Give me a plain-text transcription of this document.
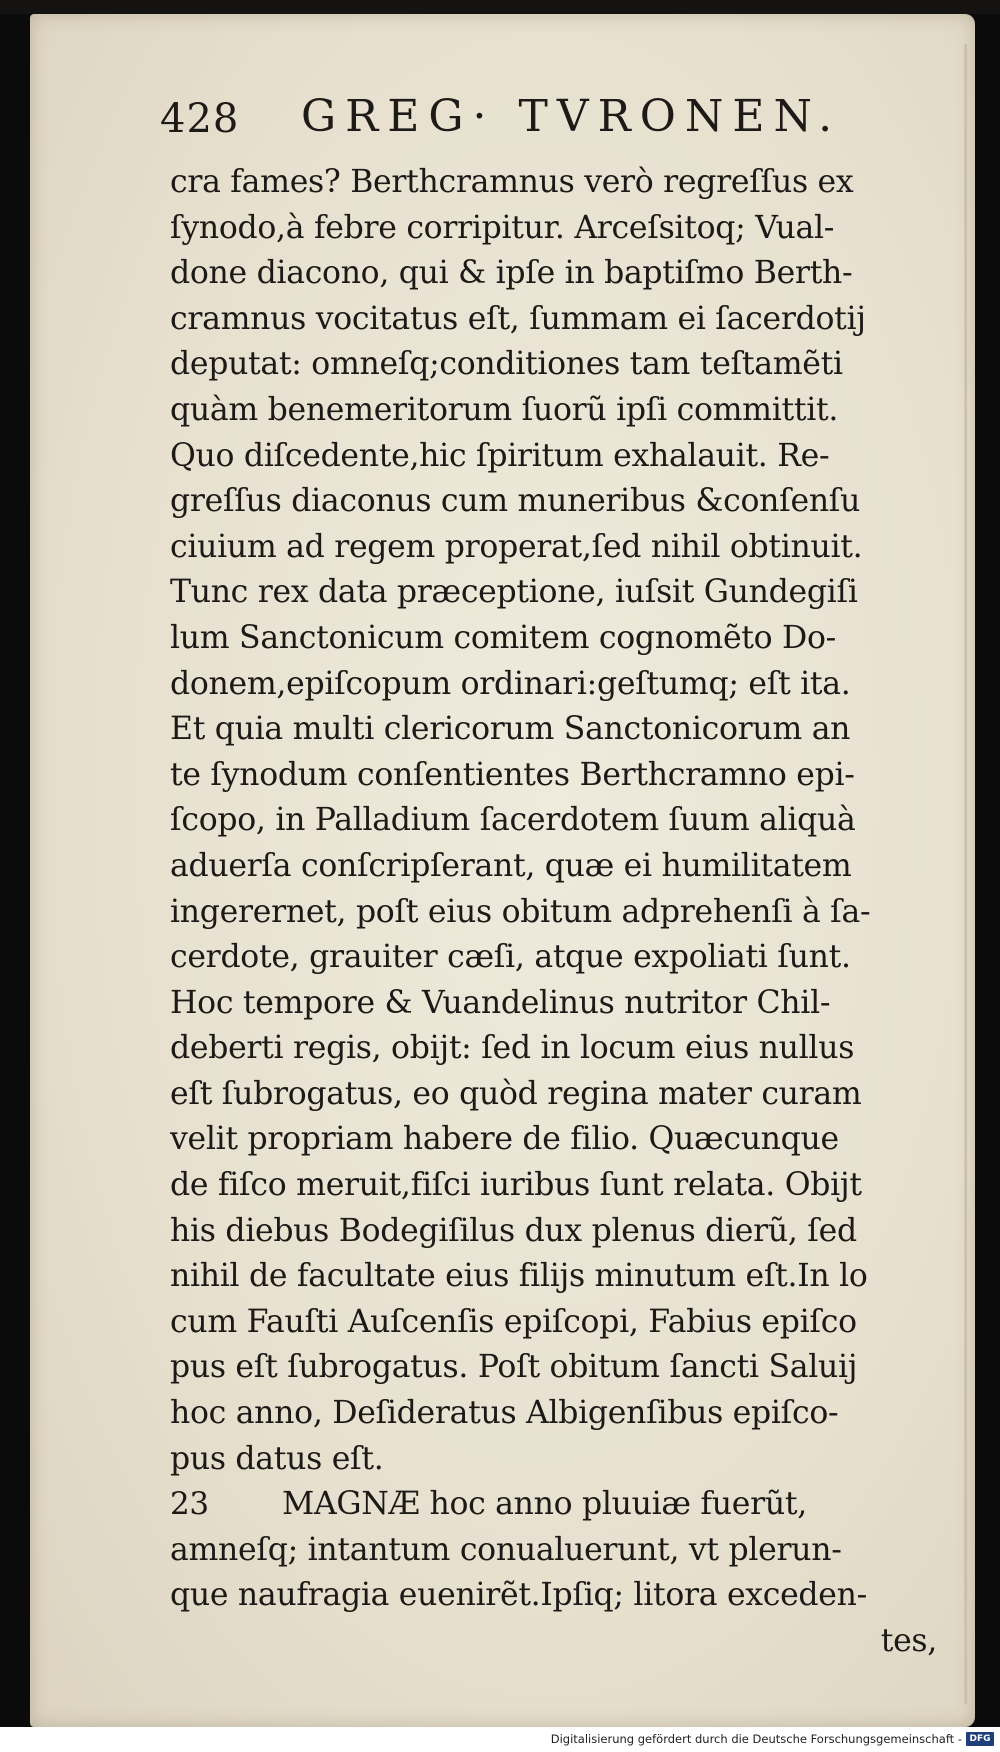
428 GREG· TVRONEN.
cra fames? Berthcramnus verò regreſſus ex
ſynodo,à febre corripitur. Arceſsitoq; Vual-
done diacono, qui & ipſe in baptiſmo Berth-
cramnus vocitatus eſt, ſummam ei ſacerdotij
deputat: omneſq;conditiones tam teſtamẽti
quàm benemeritorum ſuorũ ipſi committit.
Quo diſcedente,hic ſpiritum exhalauit. Re-
greſſus diaconus cum muneribus &conſenſu
ciuium ad regem properat,ſed nihil obtinuit.
Tunc rex data præceptione, iuſsit Gundegiſi
lum Sanctonicum comitem cognomẽto Do-
donem,epiſcopum ordinari:geſtumq; eſt ita.
Et quia multi clericorum Sanctonicorum an
te ſynodum conſentientes Berthcramno epi-
ſcopo, in Palladium ſacerdotem ſuum aliquà
aduerſa conſcripſerant, quæ ei humilitatem
ingerernet, poſt eius obitum adprehenſi à ſa-
cerdote, grauiter cæſi, atque expoliati ſunt.
Hoc tempore & Vuandelinus nutritor Chil-
deberti regis, obijt: ſed in locum eius nullus
eſt ſubrogatus, eo quòd regina mater curam
velit propriam habere de filio. Quæcunque
de fiſco meruit,fiſci iuribus ſunt relata. Obijt
his diebus Bodegiſilus dux plenus dierũ, ſed
nihil de facultate eius filijs minutum eſt.In lo
cum Fauſti Auſcenſis epiſcopi, Fabius epiſco
pus eſt ſubrogatus. Poſt obitum ſancti Saluij
hoc anno, Deſideratus Albigenſibus epiſco-
pus datus eſt.
23 MAGNÆ hoc anno pluuiæ fuerũt,
amneſq; intantum conualuerunt, vt plerun-
que naufragia euenirẽt.Ipſiq; litora exceden-
tes,
Digitalisierung gefördert durch die Deutsche Forschungsgemeinschaft - DFG
